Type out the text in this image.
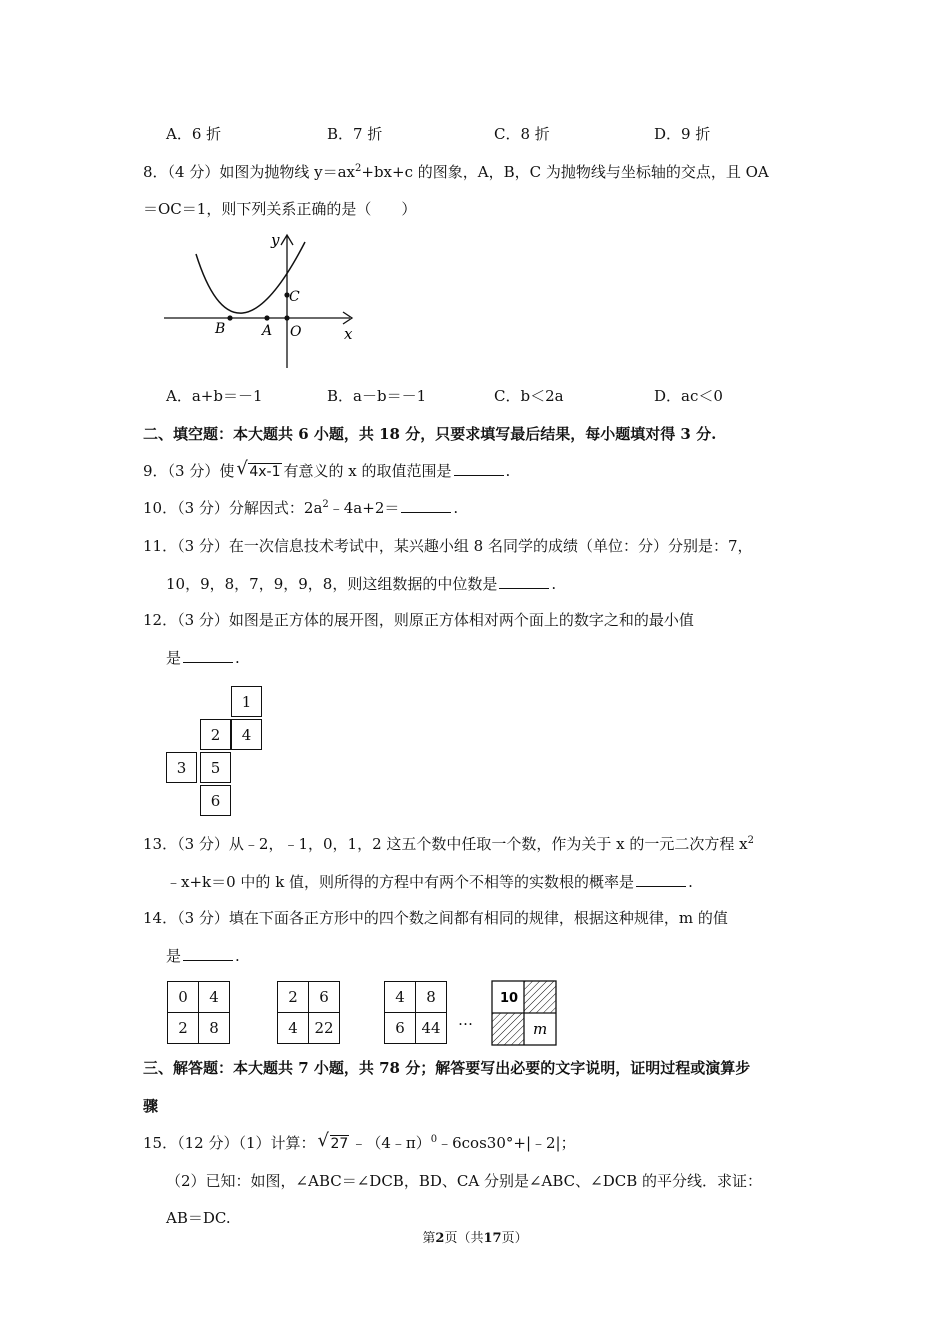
A．6 折	B．7 折	C．8 折	D．9 折
8．（4 分）如图为抛物线 $y=ax^2+bx+c$ 的图象，A，B，C 为抛物线与坐标轴的交点，且 OA
＝OC＝1，则下列关系正确的是（　　）
y
x
C
B	A O
A．a+b＝－1	B．a－b＝－1	C．b＜2a	D．ac＜0
二、填空题：本大题共 6 小题，共 18 分，只要求填写最后结果，每小题填对得 3 分.
9．（3 分）使 √ 4x-1 有意义的 x 的取值范围是	.
10．（3 分）分解因式：$2a^2﹣4a+2=$	.
11．（3 分）在一次信息技术考试中，某兴趣小组 8 名同学的成绩（单位：分）分别是：7，
10，9，8，7，9，9，8，则这组数据的中位数是	.
12．（3 分）如图是正方体的展开图，则原正方体相对两个面上的数字之和的最小值
是	.
1
2	4
3	5
6
13．（3 分）从﹣2，﹣1，0，1，2 这五个数中任取一个数，作为关于 x 的一元二次方程 $x^2$
﹣x+k＝0 中的 k 值，则所得的方程中有两个不相等的实数根的概率是	.
14．（3 分）填在下面各正方形中的四个数之间都有相同的规律，根据这种规律，m 的值
是	.
0	4
2	8
2	6
4	22
4	8
6	44 …
10
m
三、解答题：本大题共 7 小题，共 78 分；解答要写出必要的文字说明，证明过程或演算步
骤
15．（12 分）（1）计算： √ 27 ﹣（4﹣π）$^0$﹣6cos30°+|﹣2|；
（2）已知：如图，∠ABC＝∠DCB，BD、CA 分别是∠ABC、∠DCB 的平分线．求证：
AB＝DC.
第2页（共17页）
